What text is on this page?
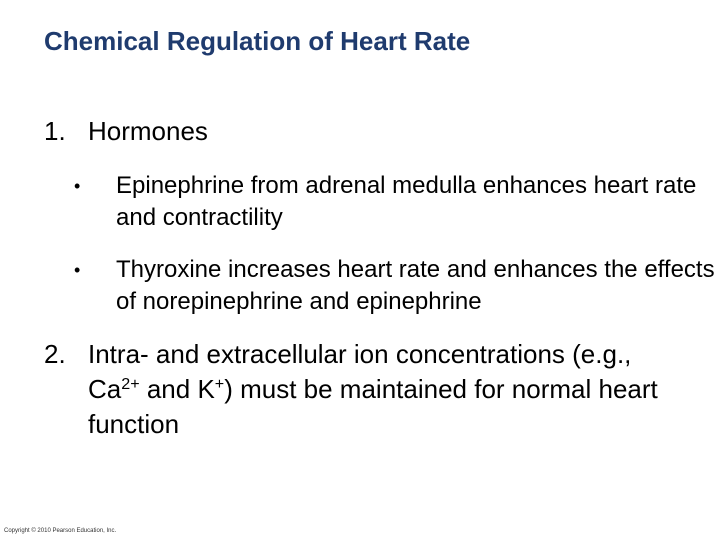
Chemical Regulation of Heart Rate
1. Hormones
•	Epinephrine from adrenal medulla enhances heart rate and contractility
•	Thyroxine increases heart rate and enhances the effects of norepinephrine and epinephrine
2. Intra- and extracellular ion concentrations (e.g., $Ca^{2+}$ and K+) must be maintained for normal heart function
Copyright © 2010 Pearson Education, Inc.
